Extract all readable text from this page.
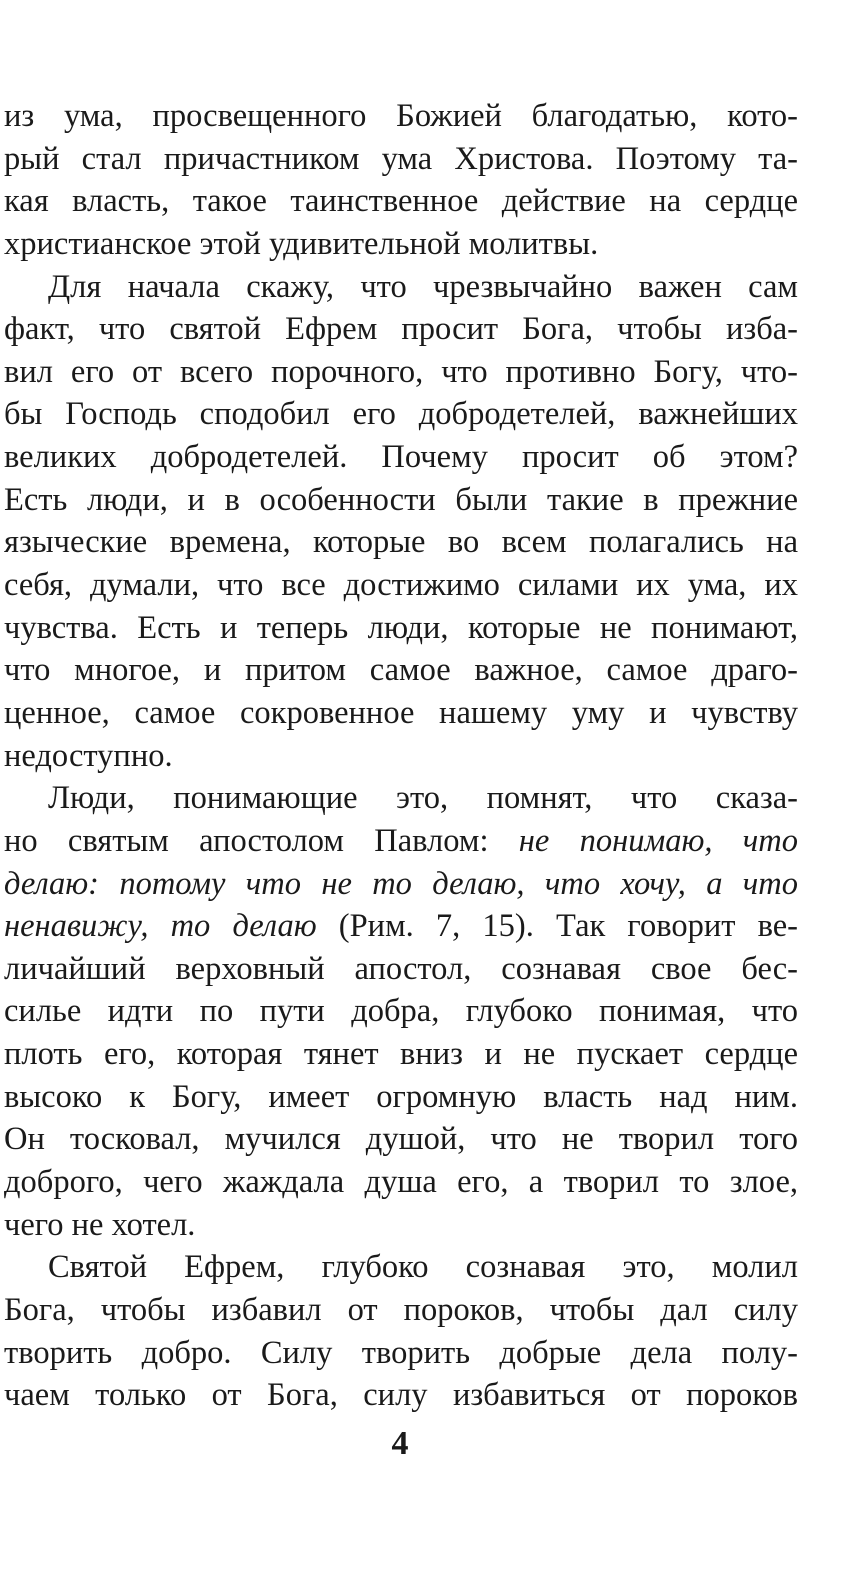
из ума, просвещенного Божией благодатью, кото-
рый стал причастником ума Христова. Поэтому та-
кая власть, такое таинственное действие на сердце
христианское этой удивительной молитвы.
Для начала скажу, что чрезвычайно важен сам
факт, что святой Ефрем просит Бога, чтобы изба-
вил его от всего порочного, что противно Богу, что-
бы Господь сподобил его добродетелей, важнейших
великих добродетелей. Почему просит об этом?
Есть люди, и в особенности были такие в прежние
языческие времена, которые во всем полагались на
себя, думали, что все достижимо силами их ума, их
чувства. Есть и теперь люди, которые не понимают,
что многое, и притом самое важное, самое драго-
ценное, самое сокровенное нашему уму и чувству
недоступно.
Люди, понимающие это, помнят, что сказа-
но святым апостолом Павлом: не понимаю, что
делаю: потому что не то делаю, что хочу, а что
ненавижу, то делаю (Рим. 7, 15). Так говорит ве-
личайший верховный апостол, сознавая свое бес-
силье идти по пути добра, глубоко понимая, что
плоть его, которая тянет вниз и не пускает сердце
высоко к Богу, имеет огромную власть над ним.
Он тосковал, мучился душой, что не творил того
доброго, чего жаждала душа его, а творил то злое,
чего не хотел.
Святой Ефрем, глубоко сознавая это, молил
Бога, чтобы избавил от пороков, чтобы дал силу
творить добро. Силу творить добрые дела полу-
чаем только от Бога, силу избавиться от пороков
4
